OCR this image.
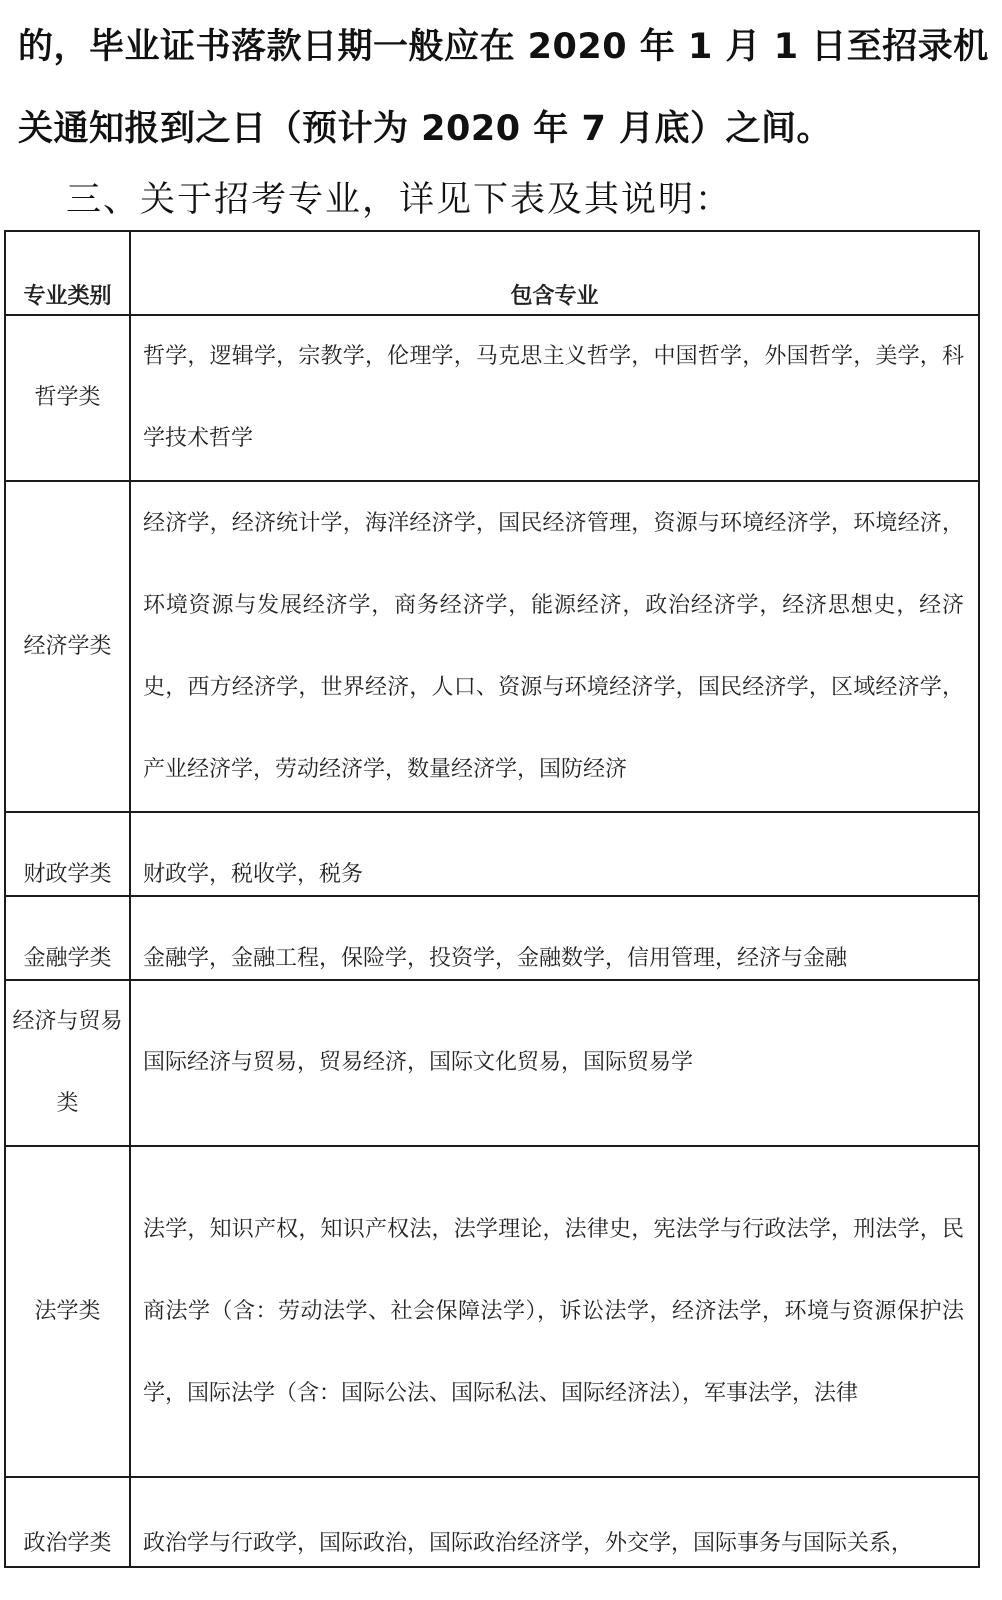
的，毕业证书落款日期一般应在 2020 年 1 月 1 日至招录机
关通知报到之日（预计为 2020 年 7 月底）之间。
三、关于招考专业，详见下表及其说明：
专业类别	包含专业
哲学类	哲学，逻辑学，宗教学，伦理学，马克思主义哲学，中国哲学，外国哲学，美学，科学技术哲学
经济学类	经济学，经济统计学，海洋经济学，国民经济管理，资源与环境经济学，环境经济，环境资源与发展经济学，商务经济学，能源经济，政治经济学，经济思想史，经济史，西方经济学，世界经济，人口、资源与环境经济学，国民经济学，区域经济学，产业经济学，劳动经济学，数量经济学，国防经济
财政学类	财政学，税收学，税务
金融学类	金融学，金融工程，保险学，投资学，金融数学，信用管理，经济与金融
经济与贸易类	国际经济与贸易，贸易经济，国际文化贸易，国际贸易学
法学类	法学，知识产权，知识产权法，法学理论，法律史，宪法学与行政法学，刑法学，民商法学（含：劳动法学、社会保障法学），诉讼法学，经济法学，环境与资源保护法学，国际法学（含：国际公法、国际私法、国际经济法），军事法学，法律
政治学类	政治学与行政学，国际政治，国际政治经济学，外交学，国际事务与国际关系，
